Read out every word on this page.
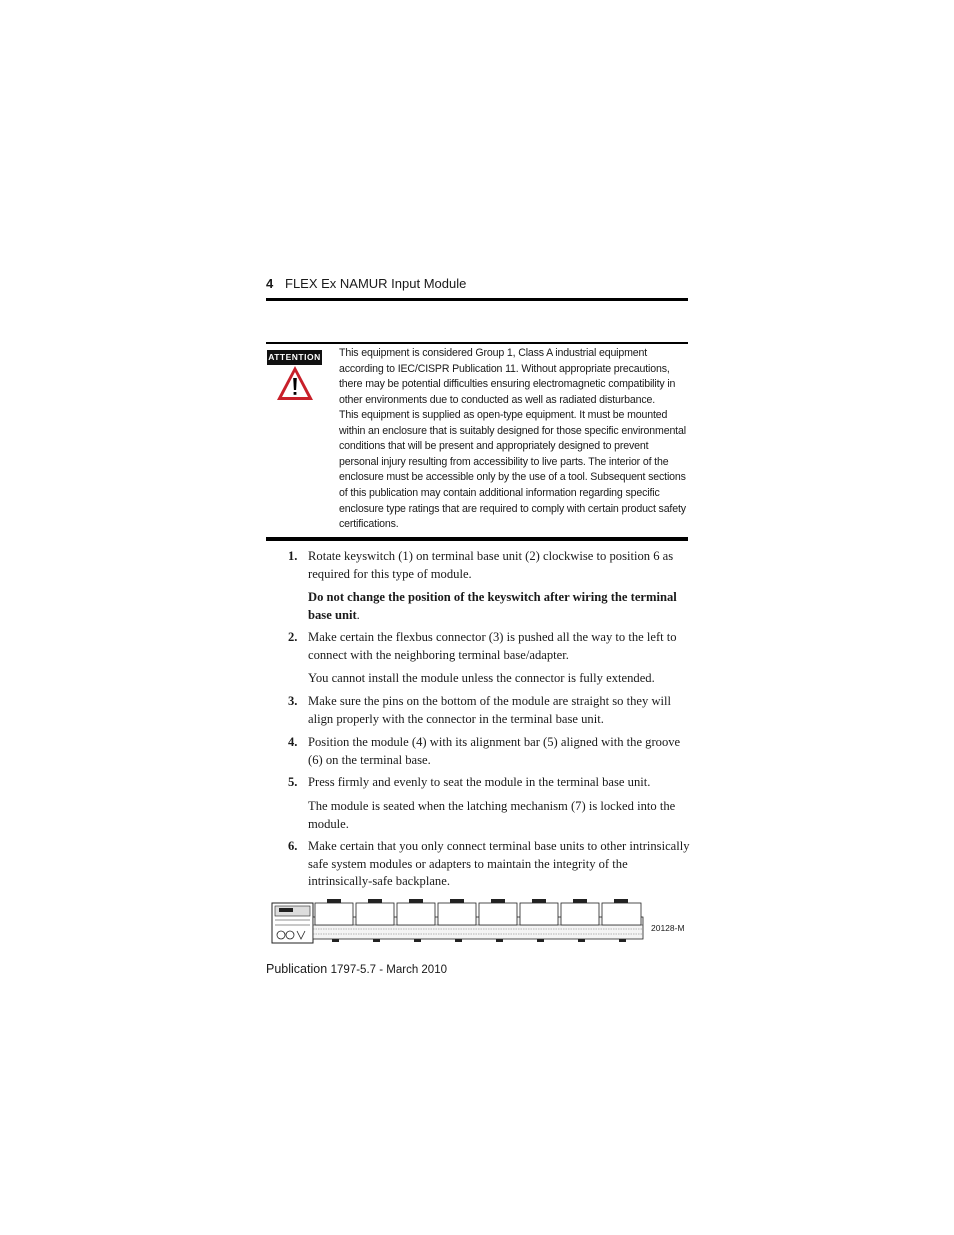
4 FLEX Ex NAMUR Input Module
ATTENTION This equipment is considered Group 1, Class A industrial equipment according to IEC/CISPR Publication 11. Without appropriate precautions, there may be potential difficulties ensuring electromagnetic compatibility in other environments due to conducted as well as radiated disturbance.
This equipment is supplied as open-type equipment. It must be mounted within an enclosure that is suitably designed for those specific environmental conditions that will be present and appropriately designed to prevent personal injury resulting from accessibility to live parts. The interior of the enclosure must be accessible only by the use of a tool. Subsequent sections of this publication may contain additional information regarding specific enclosure type ratings that are required to comply with certain product safety certifications.
1. Rotate keyswitch (1) on terminal base unit (2) clockwise to position 6 as required for this type of module.
Do not change the position of the keyswitch after wiring the terminal base unit.
2. Make certain the flexbus connector (3) is pushed all the way to the left to connect with the neighboring terminal base/adapter.
You cannot install the module unless the connector is fully extended.
3. Make sure the pins on the bottom of the module are straight so they will align properly with the connector in the terminal base unit.
4. Position the module (4) with its alignment bar (5) aligned with the groove (6) on the terminal base.
5. Press firmly and evenly to seat the module in the terminal base unit.
The module is seated when the latching mechanism (7) is locked into the module.
6. Make certain that you only connect terminal base units to other intrinsically safe system modules or adapters to maintain the integrity of the intrinsically-safe backplane.
20128-M
Publication 1797-5.7 - March 2010
